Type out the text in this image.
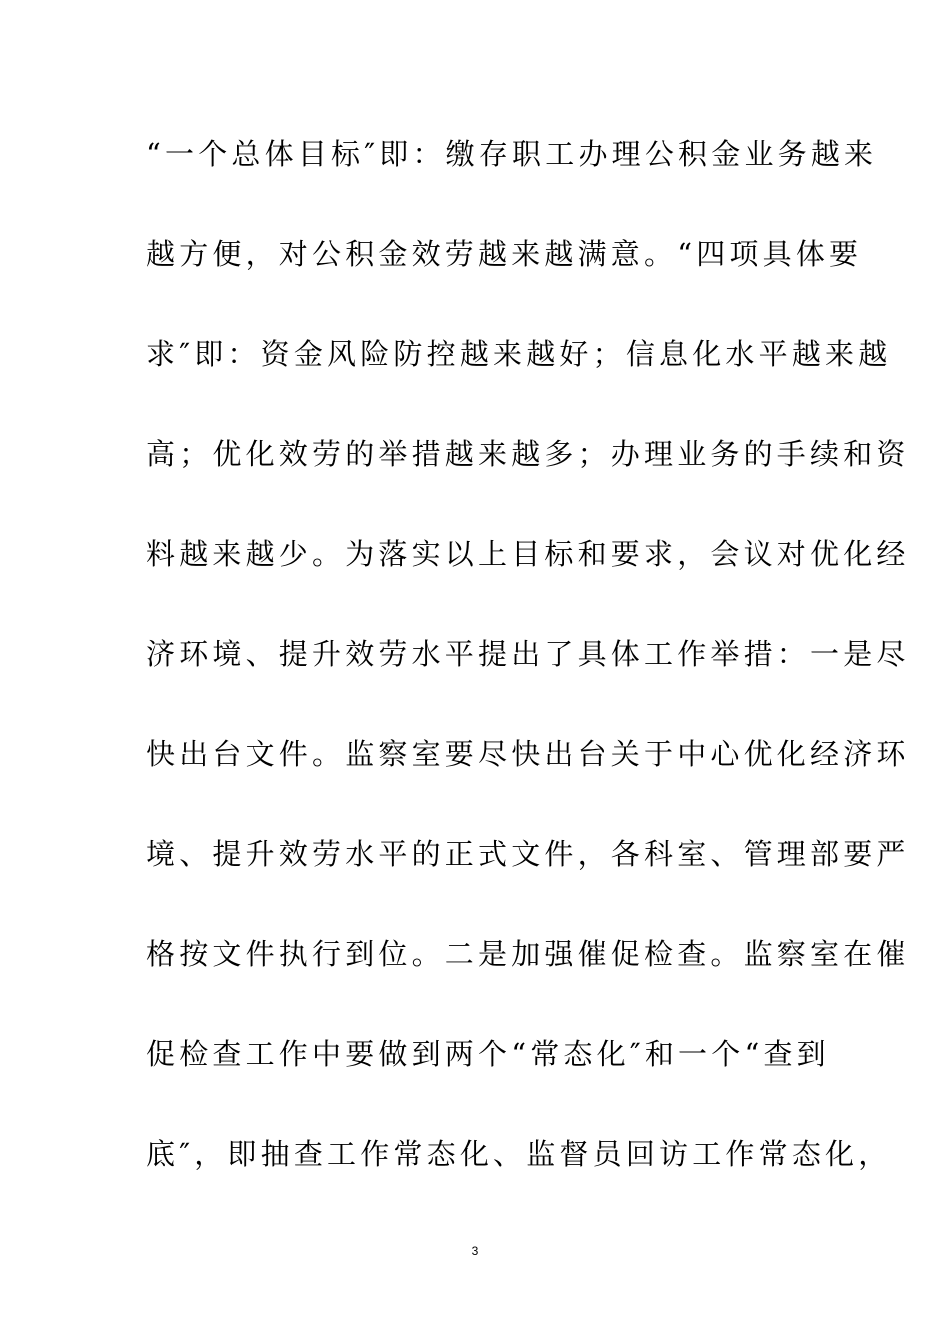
“一个总体目标″即：缴存职工办理公积金业务越来
越方便，对公积金效劳越来越满意。“四项具体要
求″即：资金风险防控越来越好；信息化水平越来越
高；优化效劳的举措越来越多；办理业务的手续和资
料越来越少。为落实以上目标和要求，会议对优化经
济环境、提升效劳水平提出了具体工作举措：一是尽
快出台文件。监察室要尽快出台关于中心优化经济环
境、提升效劳水平的正式文件，各科室、管理部要严
格按文件执行到位。二是加强催促检查。监察室在催
促检查工作中要做到两个“常态化″和一个“查到
底″，即抽查工作常态化、监督员回访工作常态化，
3
